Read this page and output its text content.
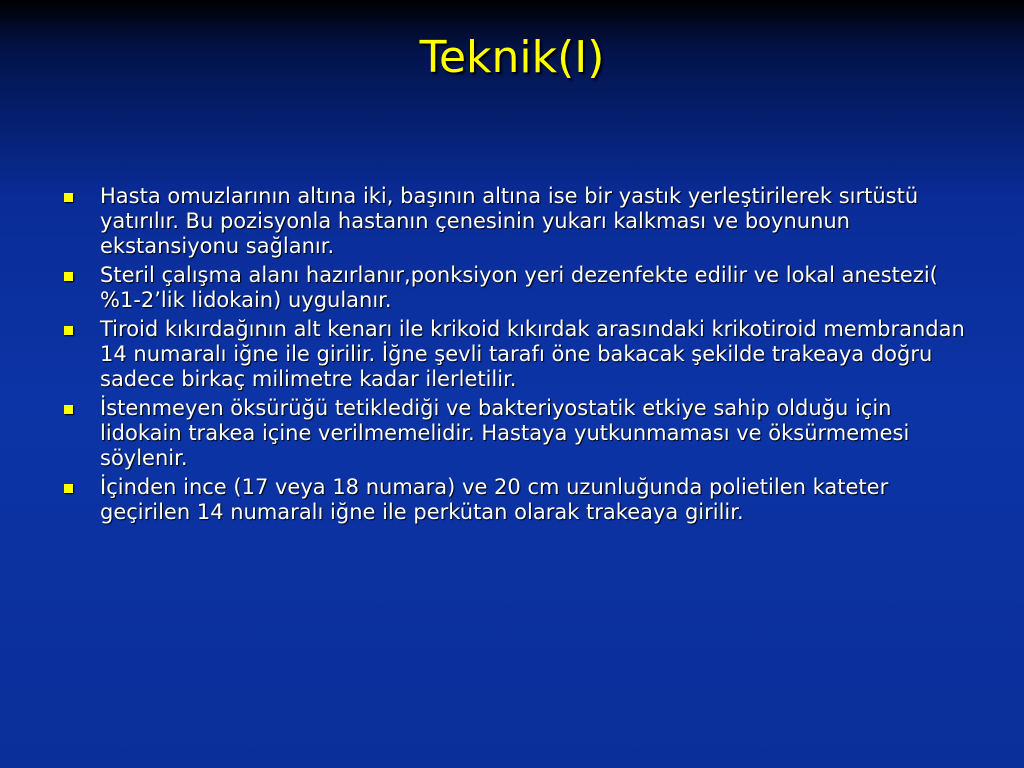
Teknik(I)
Hasta omuzlarının altına iki, başının altına ise bir yastık yerleştirilerek sırtüstü yatırılır. Bu pozisyonla hastanın çenesinin yukarı kalkması ve boynunun ekstansiyonu sağlanır.
Steril çalışma alanı hazırlanır,ponksiyon yeri dezenfekte edilir ve lokal anestezi( %1-2’lik lidokain) uygulanır.
Tiroid kıkırdağının alt kenarı ile krikoid kıkırdak arasındaki krikotiroid membrandan 14 numaralı iğne ile girilir. İğne şevli tarafı öne bakacak şekilde trakeaya doğru sadece birkaç milimetre kadar ilerletilir.
İstenmeyen öksürüğü tetiklediği ve bakteriyostatik etkiye sahip olduğu için lidokain trakea içine verilmemelidir. Hastaya yutkunmaması ve öksürmemesi söylenir.
İçinden ince (17 veya 18 numara) ve 20 cm uzunluğunda polietilen kateter geçirilen 14 numaralı iğne ile perkütan olarak trakeaya girilir.
